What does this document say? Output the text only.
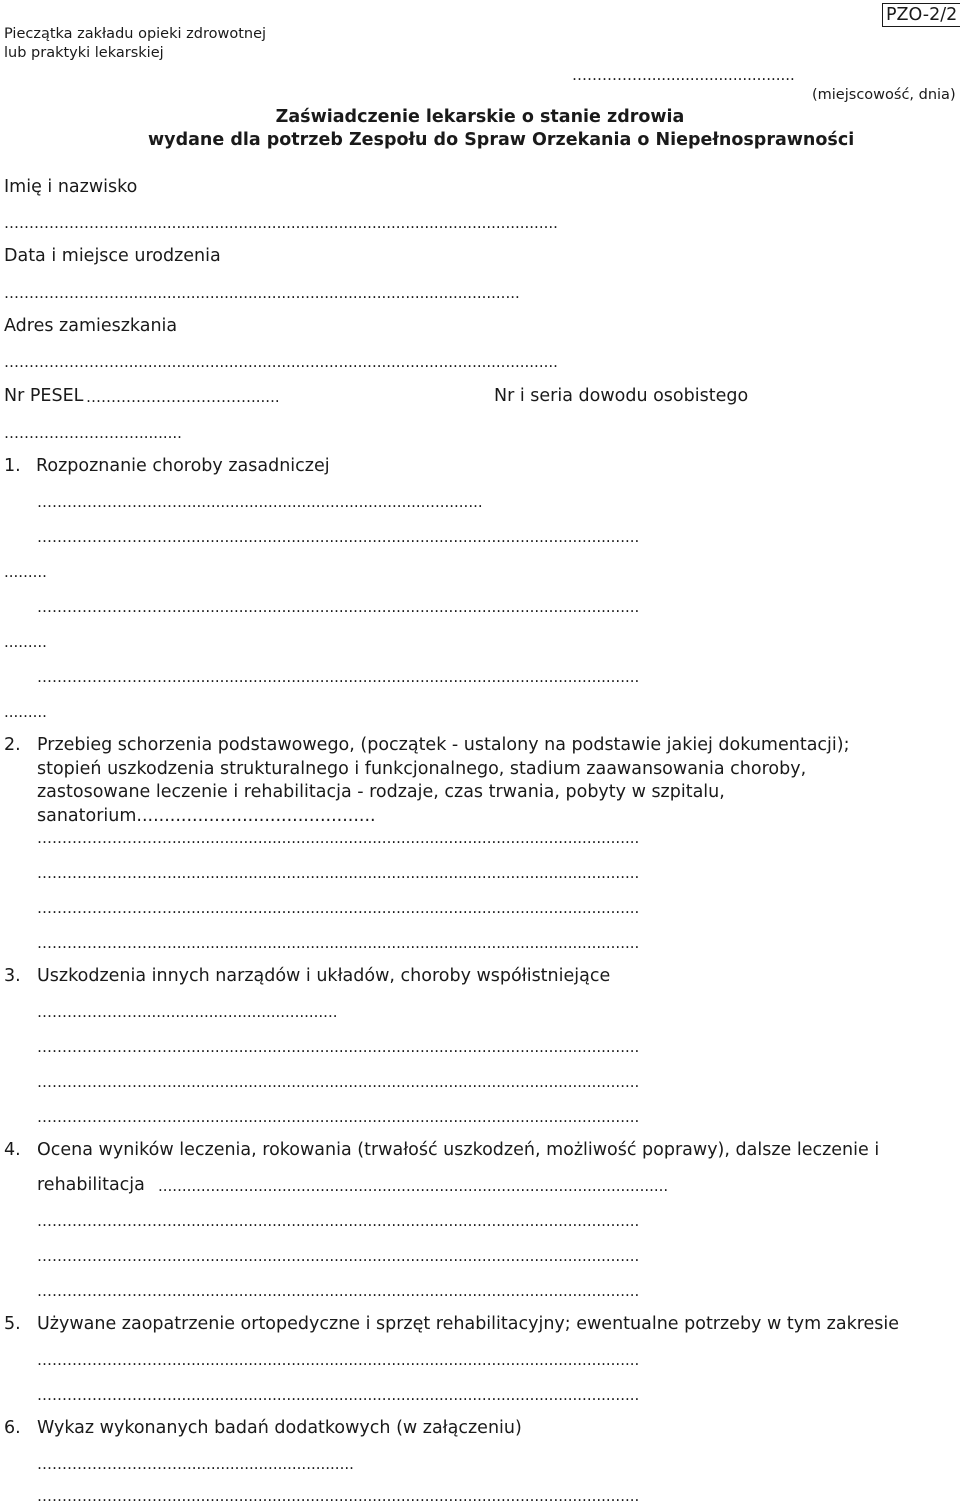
Pieczątka zakładu opieki zdrowotnej
lub praktyki lekarskiej
PZO-2/2
……………...............................
(miejscowość, dnia)
Zaświadczenie lekarskie o stanie zdrowia
wydane dla potrzeb Zespołu do Spraw Orzekania o Niepełnosprawności
Imię i nazwisko
……………………...........................................................................................
Data i miejsce urodzenia
……………………...................................................................................
Adres zamieszkania
……………………...........................................................................................
Nr PESEL ……………………………......	Nr i seria dowodu osobistego
……………………….........
1. Rozpoznanie choroby zasadniczej
…………………………..............................................................
………………………..................................................................................................
.........
………………………..................................................................................................
.........
………………………..................................................................................................
.........
2. Przebieg schorzenia podstawowego, (początek - ustalony na podstawie jakiej dokumentacji); stopień uszkodzenia strukturalnego i funkcjonalnego, stadium zaawansowania choroby, zastosowane leczenie i rehabilitacja - rodzaje, czas trwania, pobyty w szpitalu, sanatorium...........................................
………………………..................................................................................................
………………………..................................................................................................
………………………..................................................................................................
………………………..................................................................................................
3. Uszkodzenia innych narządów i układów, choroby współistniejące
………………….........................................
………………………..................................................................................................
………………………..................................................................................................
………………………..................................................................................................
4. Ocena wyników leczenia, rokowania (trwałość uszkodzeń, możliwość poprawy), dalsze leczenie i
rehabilitacja ...........................................................................................................
………………………..................................................................................................
………………………..................................................................................................
………………………..................................................................................................
5. Używane zaopatrzenie ortopedyczne i sprzęt rehabilitacyjny; ewentualne potrzeby w tym zakresie
………………………..................................................................................................
………………………..................................................................................................
6. Wykaz wykonanych badań dodatkowych (w załączeniu)
…………………………...................................
………………………..................................................................................................
